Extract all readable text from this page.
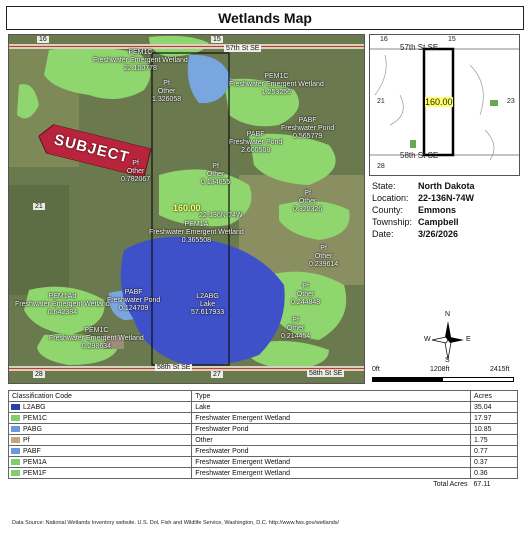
Wetlands Map
57th St SE
58th St SE
58th St SE
16	15
21
28	27
SUBJECT
160.00
22-136N-74W
PEM1C
Freshwater Emergent Wetland
22.100778
Pf
Other
1.326058
PEM1C
Freshwater Emergent Wetland
1.253256
PABF
Freshwater Pond
2.600508
PABF
Freshwater Pond
0.565779
Pf
Other
0.782067
Pf
Other
0.134655
Pf
Other
0.320326
PEM1A
Freshwater Emergent Wetland
0.365508
Pf
Other
0.239614
PEM1Ad
Freshwater Emergent Wetland
0.642384
PABF
Freshwater Pond
0.124709
L2ABG
Lake
57.617933
Pf
Other
0.244848
PEM1C
Freshwater Emergent Wetland
0.298634
Pf
Other
0.214454
16	15
57th St SE
21	23
160.00
58th St SE
28
State:	North Dakota
Location:	22-136N-74W
County:	Emmons
Township: Campbell
Date:	3/26/2026
N
S
W	E
0ft	1208ft	2415ft
Classification Code	Type	Acres

L2ABG	Lake	35.04

PEM1C	Freshwater Emergent Wetland	17.97

PABG	Freshwater Pond	10.85

Pf	Other	1.75

PABF	Freshwater Pond	0.77

PEM1A	Freshwater Emergent Wetland	0.37

PEM1F	Freshwater Emergent Wetland	0.36
	Total Acres	67.11
Data Source: National Wetlands Inventory website. U.S. Dol, Fish and Wildlife Service, Washington, D.C. http://www.fws.gov/wetlands/
